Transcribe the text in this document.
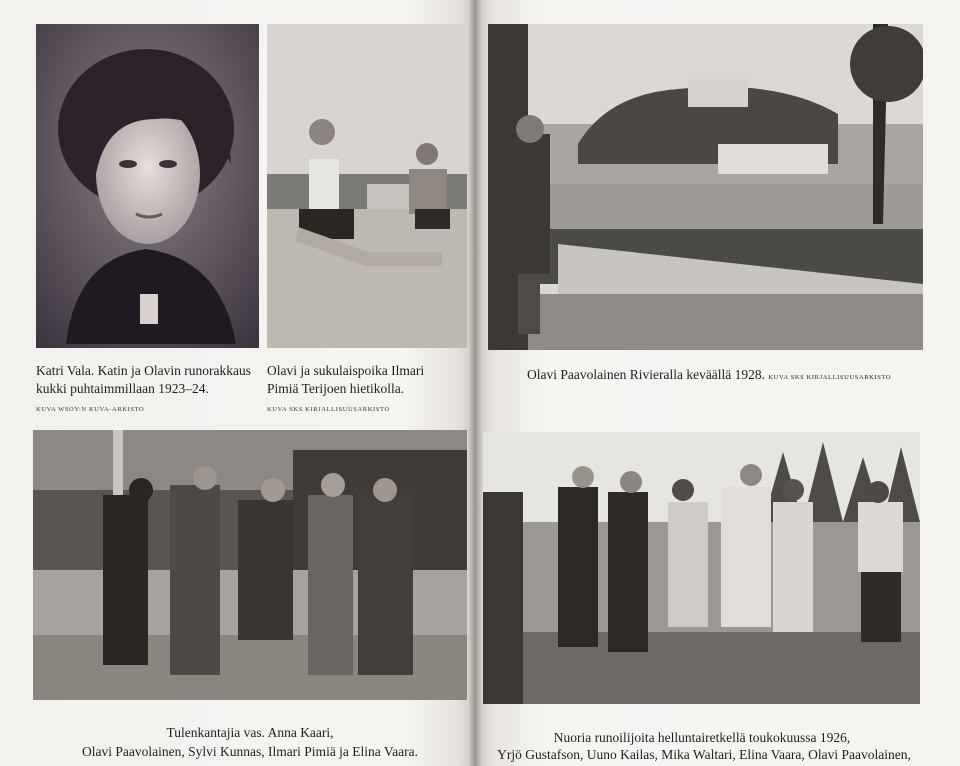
Katri Vala. Katin ja Olavin runorakkaus kukki puhtaimmillaan 1923–24.
KUVA WSOY:N KUVA-ARKISTO
Olavi ja sukulaispoika Ilmari Pimiä Terijoen hietikolla.
KUVA SKS KIRJALLISUUSARKISTO
Tulenkantajia vas. Anna Kaari,
Olavi Paavolainen, Sylvi Kunnas, Ilmari Pimiä ja Elina Vaara.
Olavi Paavolainen Rivieralla keväällä 1928. KUVA SKS KIRJALLISUUSARKISTO
Nuoria runoilijoita helluntairetkellä toukokuussa 1926,
Yrjö Gustafson, Uuno Kailas, Mika Waltari, Elina Vaara, Olavi Paavolainen,
